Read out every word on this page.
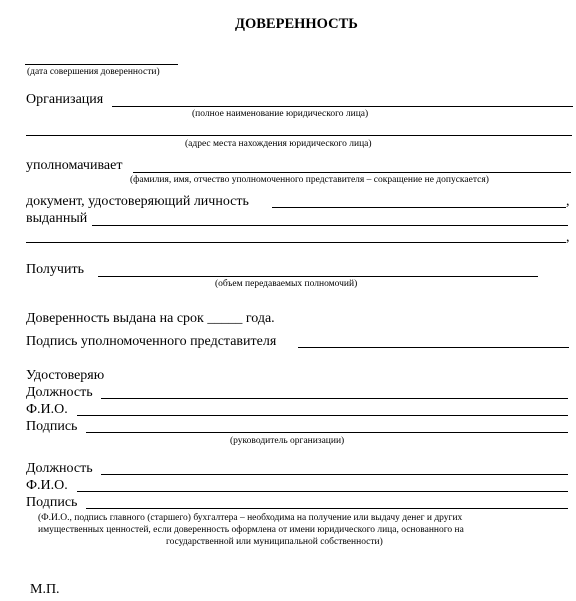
ДОВЕРЕННОСТЬ
(дата совершения доверенности)
Организация
(полное наименование юридического лица)
(адрес места нахождения юридического лица)
уполномачивает
(фамилия, имя, отчество уполномоченного представителя – сокращение не допускается)
документ, удостоверяющий личность	,
выданный
,
Получить
(объем передаваемых полномочий)
Доверенность выдана на срок _____ года.
Подпись уполномоченного представителя
Удостоверяю
Должность
Ф.И.О.
Подпись
(руководитель организации)
Должность
Ф.И.О.
Подпись
(Ф.И.О., подпись главного (старшего) бухгалтера – необходима на получение или выдачу денег и других
имущественных ценностей, если доверенность оформлена от имени юридического лица, основанного на
государственной или муниципальной собственности)
М.П.
